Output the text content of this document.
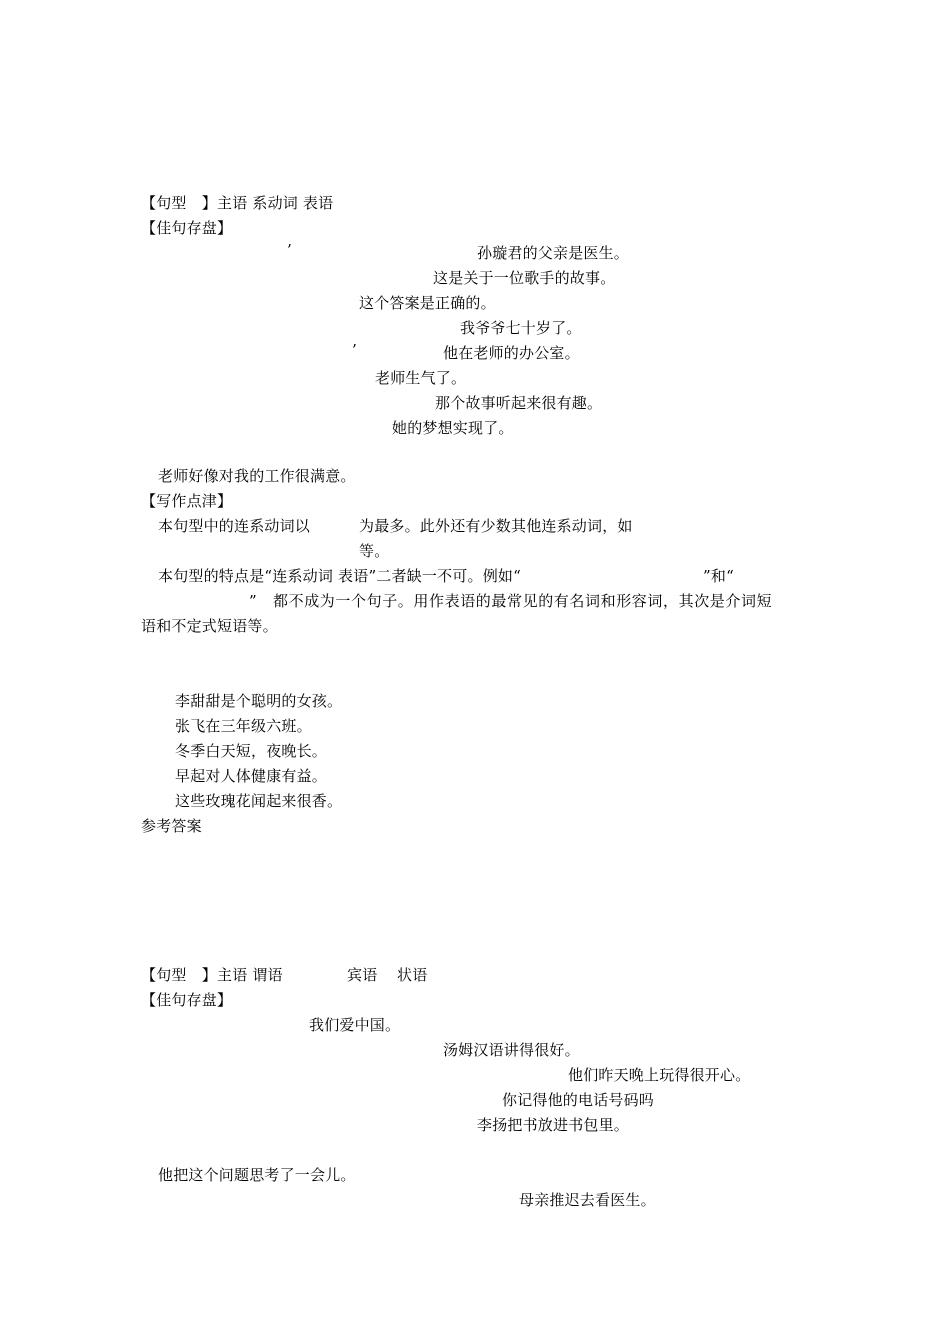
【句型　】主语 系动词 表语
【佳句存盘】
’	孙璇君的父亲是医生。
这是关于一位歌手的故事。
这个答案是正确的。
我爷爷七十岁了。
’	他在老师的办公室。
老师生气了。
那个故事听起来很有趣。
她的梦想实现了。
老师好像对我的工作很满意。
【写作点津】
本句型中的连系动词以	为最多。此外还有少数其他连系动词，如
等。
本句型的特点是“连系动词 表语”二者缺一不可。例如“	”和“
” 都不成为一个句子。用作表语的最常见的有名词和形容词，其次是介词短
语和不定式短语等。
李甜甜是个聪明的女孩。
张飞在三年级六班。
冬季白天短，夜晚长。
早起对人体健康有益。
这些玫瑰花闻起来很香。
参考答案
【句型　】主语 谓语	宾语 状语
【佳句存盘】
我们爱中国。
汤姆汉语讲得很好。
他们昨天晚上玩得很开心。
你记得他的电话号码吗
李扬把书放进书包里。
他把这个问题思考了一会儿。
母亲推迟去看医生。
